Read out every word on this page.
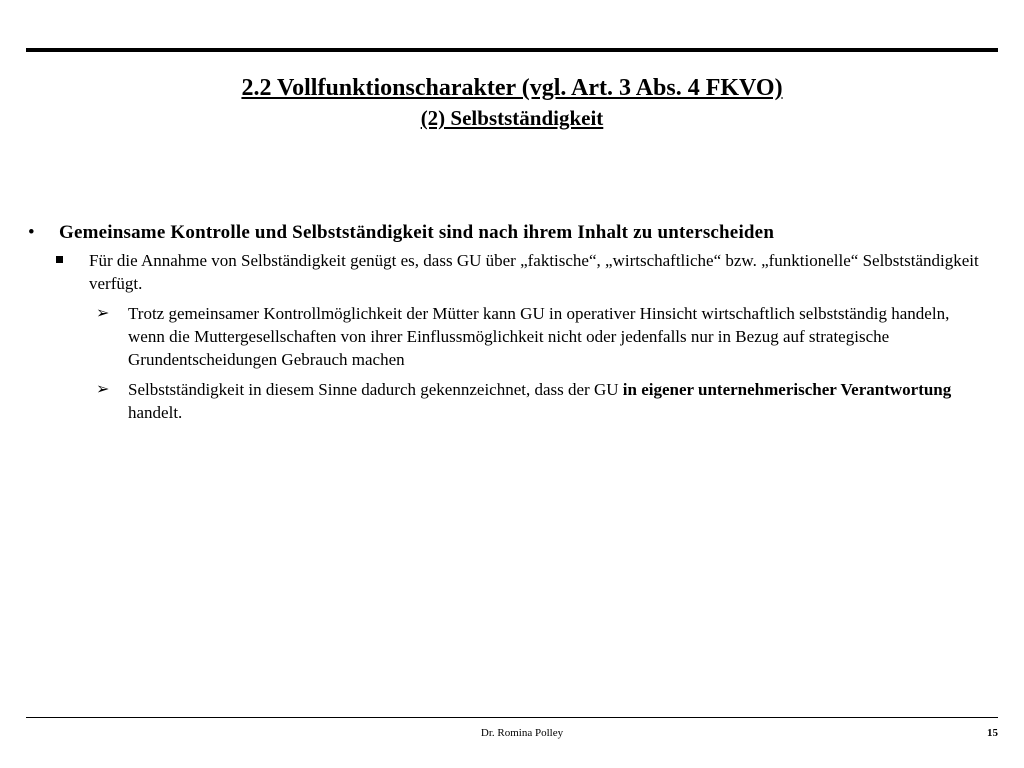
2.2 Vollfunktionscharakter (vgl. Art. 3 Abs. 4 FKVO)
(2) Selbstständigkeit
• Gemeinsame Kontrolle und Selbstständigkeit sind nach ihrem Inhalt zu unterscheiden
Für die Annahme von Selbständigkeit genügt es, dass GU über „faktische“, „wirtschaftliche“ bzw. „funktionelle“ Selbstständigkeit verfügt.
➢ Trotz gemeinsamer Kontrollmöglichkeit der Mütter kann GU in operativer Hinsicht wirtschaftlich selbstständig handeln, wenn die Muttergesellschaften von ihrer Einflussmöglichkeit nicht oder jedenfalls nur in Bezug auf strategische Grundentscheidungen Gebrauch machen
➢ Selbstständigkeit in diesem Sinne dadurch gekennzeichnet, dass der GU in eigener unternehmerischer Verantwortung handelt.
Dr. Romina Polley	15
